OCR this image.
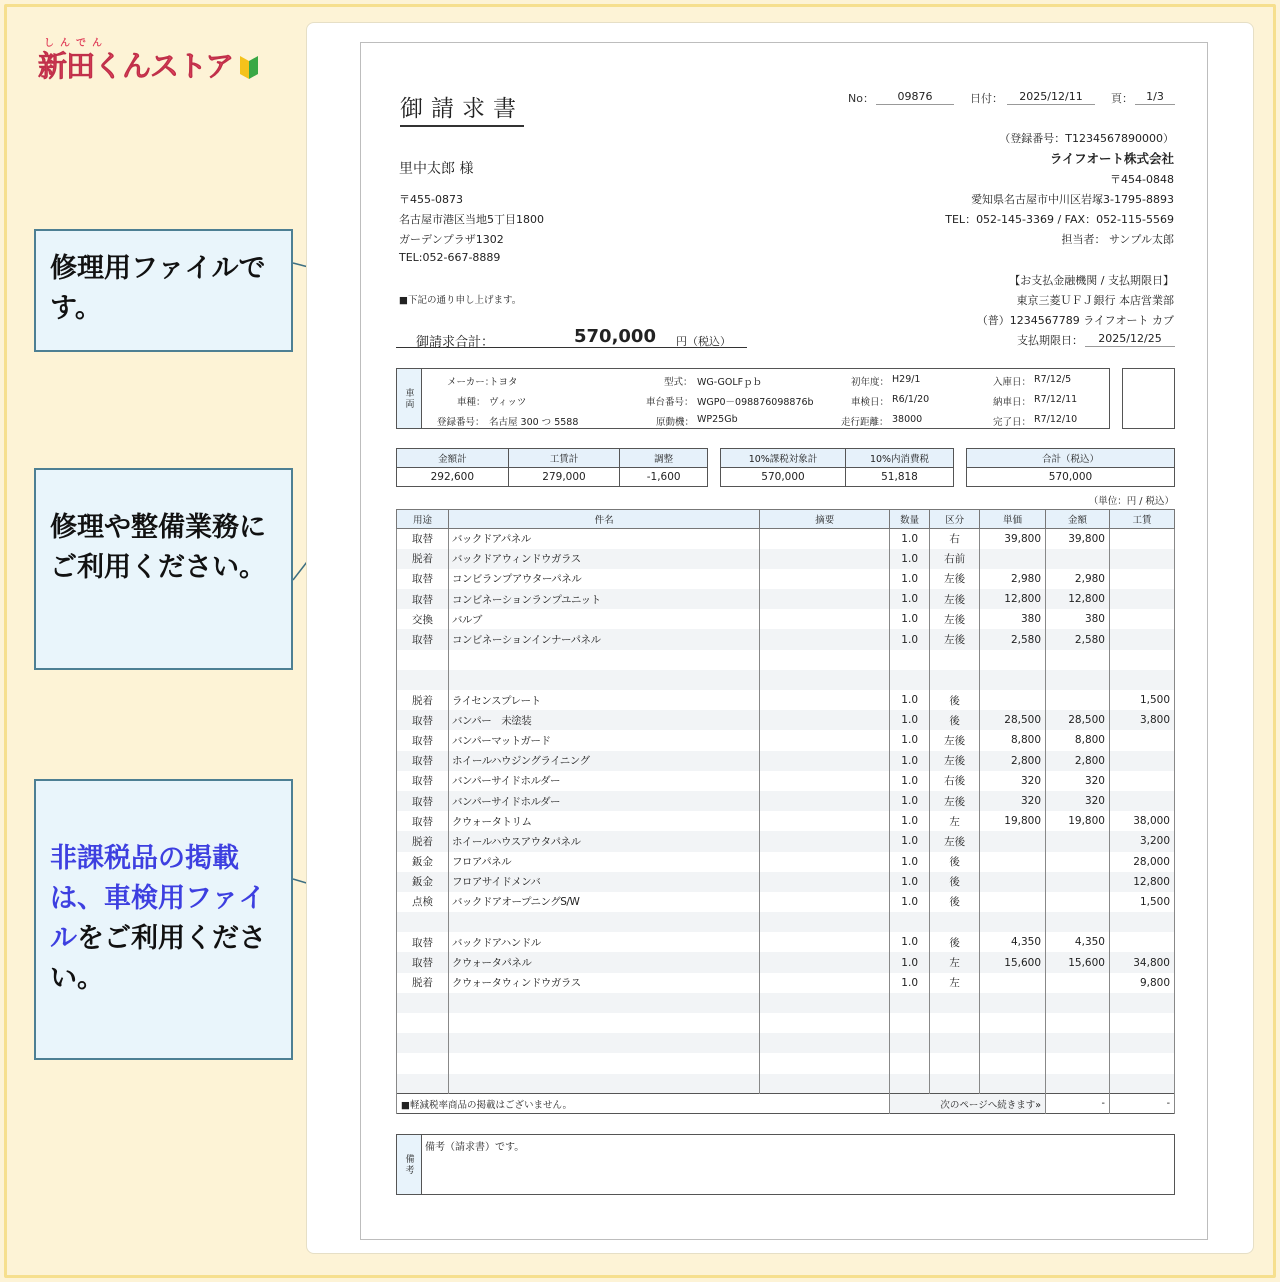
しんでん
新田くんストア
修理用ファイルです。
修理や整備業務にご利用ください。
非課税品の掲載は、車検用ファイルをご利用ください。
御請求書	No：	09876	日付：	2025/12/11	頁：	1/3
里中太郎 様
〒455-0873
名古屋市港区当地5丁目1800
ガーデンプラザ1302
TEL:052-667-8889
■下記の通り申し上げます。
（登録番号：T1234567890000）
ライフオート株式会社
〒454-0848
愛知県名古屋市中川区岩塚3-1795-8893
TEL：052-145-3369 / FAX：052-115-5569
担当者： サンプル太郎
【お支払金融機関 / 支払期限日】
東京三菱ＵＦＪ銀行 本店営業部
（普）1234567789 ライフオート カブ
支払期限日：	2025/12/25
御請求合計：	570,000 円（税込）
車両
メーカー：
トヨタ
車種： ヴィッツ
登録番号： 名古屋 300 つ 5588
型式： WG-GOLFｐｂ
車台番号： WGP0－098876098876b
原動機： WP25Gb
初年度： H29/1
車検日： R6/1/20
走行距離： 38000
入庫日： R7/12/5
納車日： R7/12/11
完了日： R7/12/10
金額計	工賃計	調整
292,600	279,000	-1,600
10%課税対象計	10%内消費税
570,000	51,818
合計（税込）
570,000
（単位：円 / 税込）
用途	件名	摘要	数量	区分	単価	金額	工賃
取替	バックドアパネル		1.0	右	39,800	39,800	
脱着	バックドアウィンドウガラス		1.0	右前			
取替	コンビランプアウターパネル		1.0	左後	2,980	2,980	
取替	コンビネーションランプユニット		1.0	左後	12,800	12,800	
交換	バルブ		1.0	左後	380	380	
取替	コンビネーションインナーパネル		1.0	左後	2,580	2,580	

脱着	ライセンスプレート		1.0	後			1,500
取替	バンパー　未塗装		1.0	後	28,500	28,500	3,800
取替	バンパーマットガード		1.0	左後	8,800	8,800	
取替	ホイールハウジングライニング		1.0	左後	2,800	2,800	
取替	バンパーサイドホルダー		1.0	右後	320	320	
取替	バンパーサイドホルダー		1.0	左後	320	320	
取替	クウォータトリム		1.0	左	19,800	19,800	38,000
脱着	ホイールハウスアウタパネル		1.0	左後			3,200
鈑金	フロアパネル		1.0	後			28,000
鈑金	フロアサイドメンバ		1.0	後			12,800
点検	バックドアオープニングS/W		1.0	後			1,500

取替	バックドアハンドル		1.0	後	4,350	4,350	
取替	クウォータパネル		1.0	左	15,600	15,600	34,800
脱着	クウォータウィンドウガラス		1.0	左			9,800

■軽減税率商品の掲載はございません。			次のページへ続きます»			-	-
備考
備考（請求書）です。
